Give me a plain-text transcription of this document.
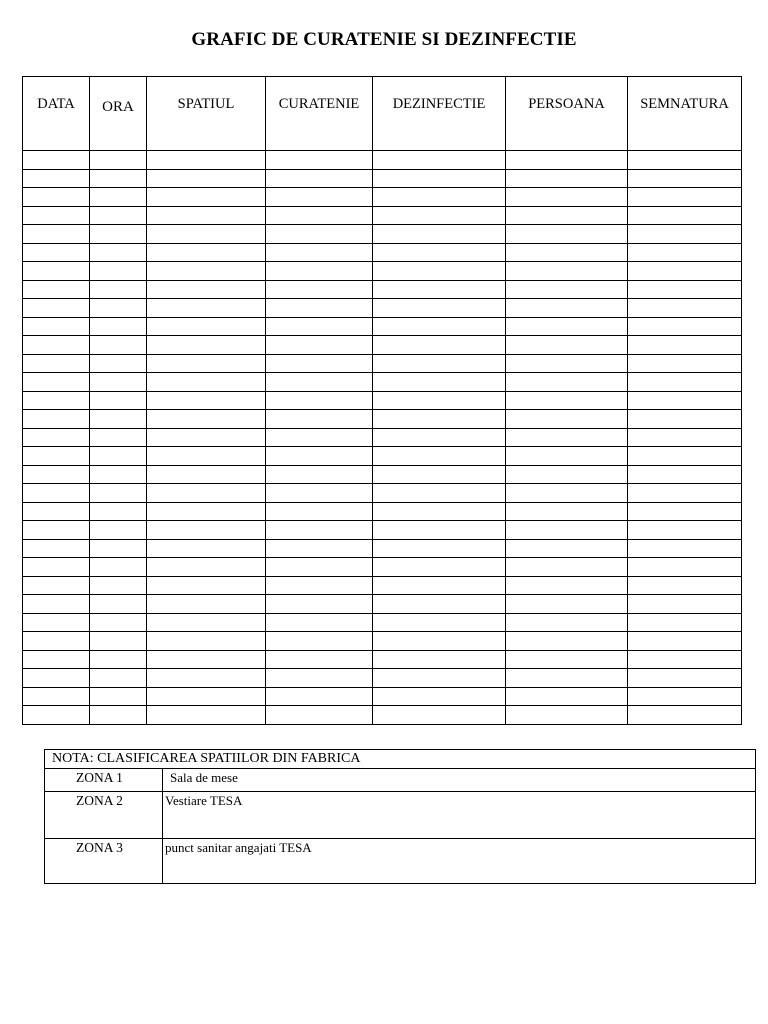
GRAFIC DE CURATENIE SI DEZINFECTIE
DATA	ORA	SPATIUL	CURATENIE	DEZINFECTIE	PERSOANA	SEMNATURA

NOTA: CLASIFICAREA SPATIILOR DIN FABRICA	
ZONA 1	Sala de mese
ZONA 2	Vestiare TESA
ZONA 3	punct sanitar angajati TESA
